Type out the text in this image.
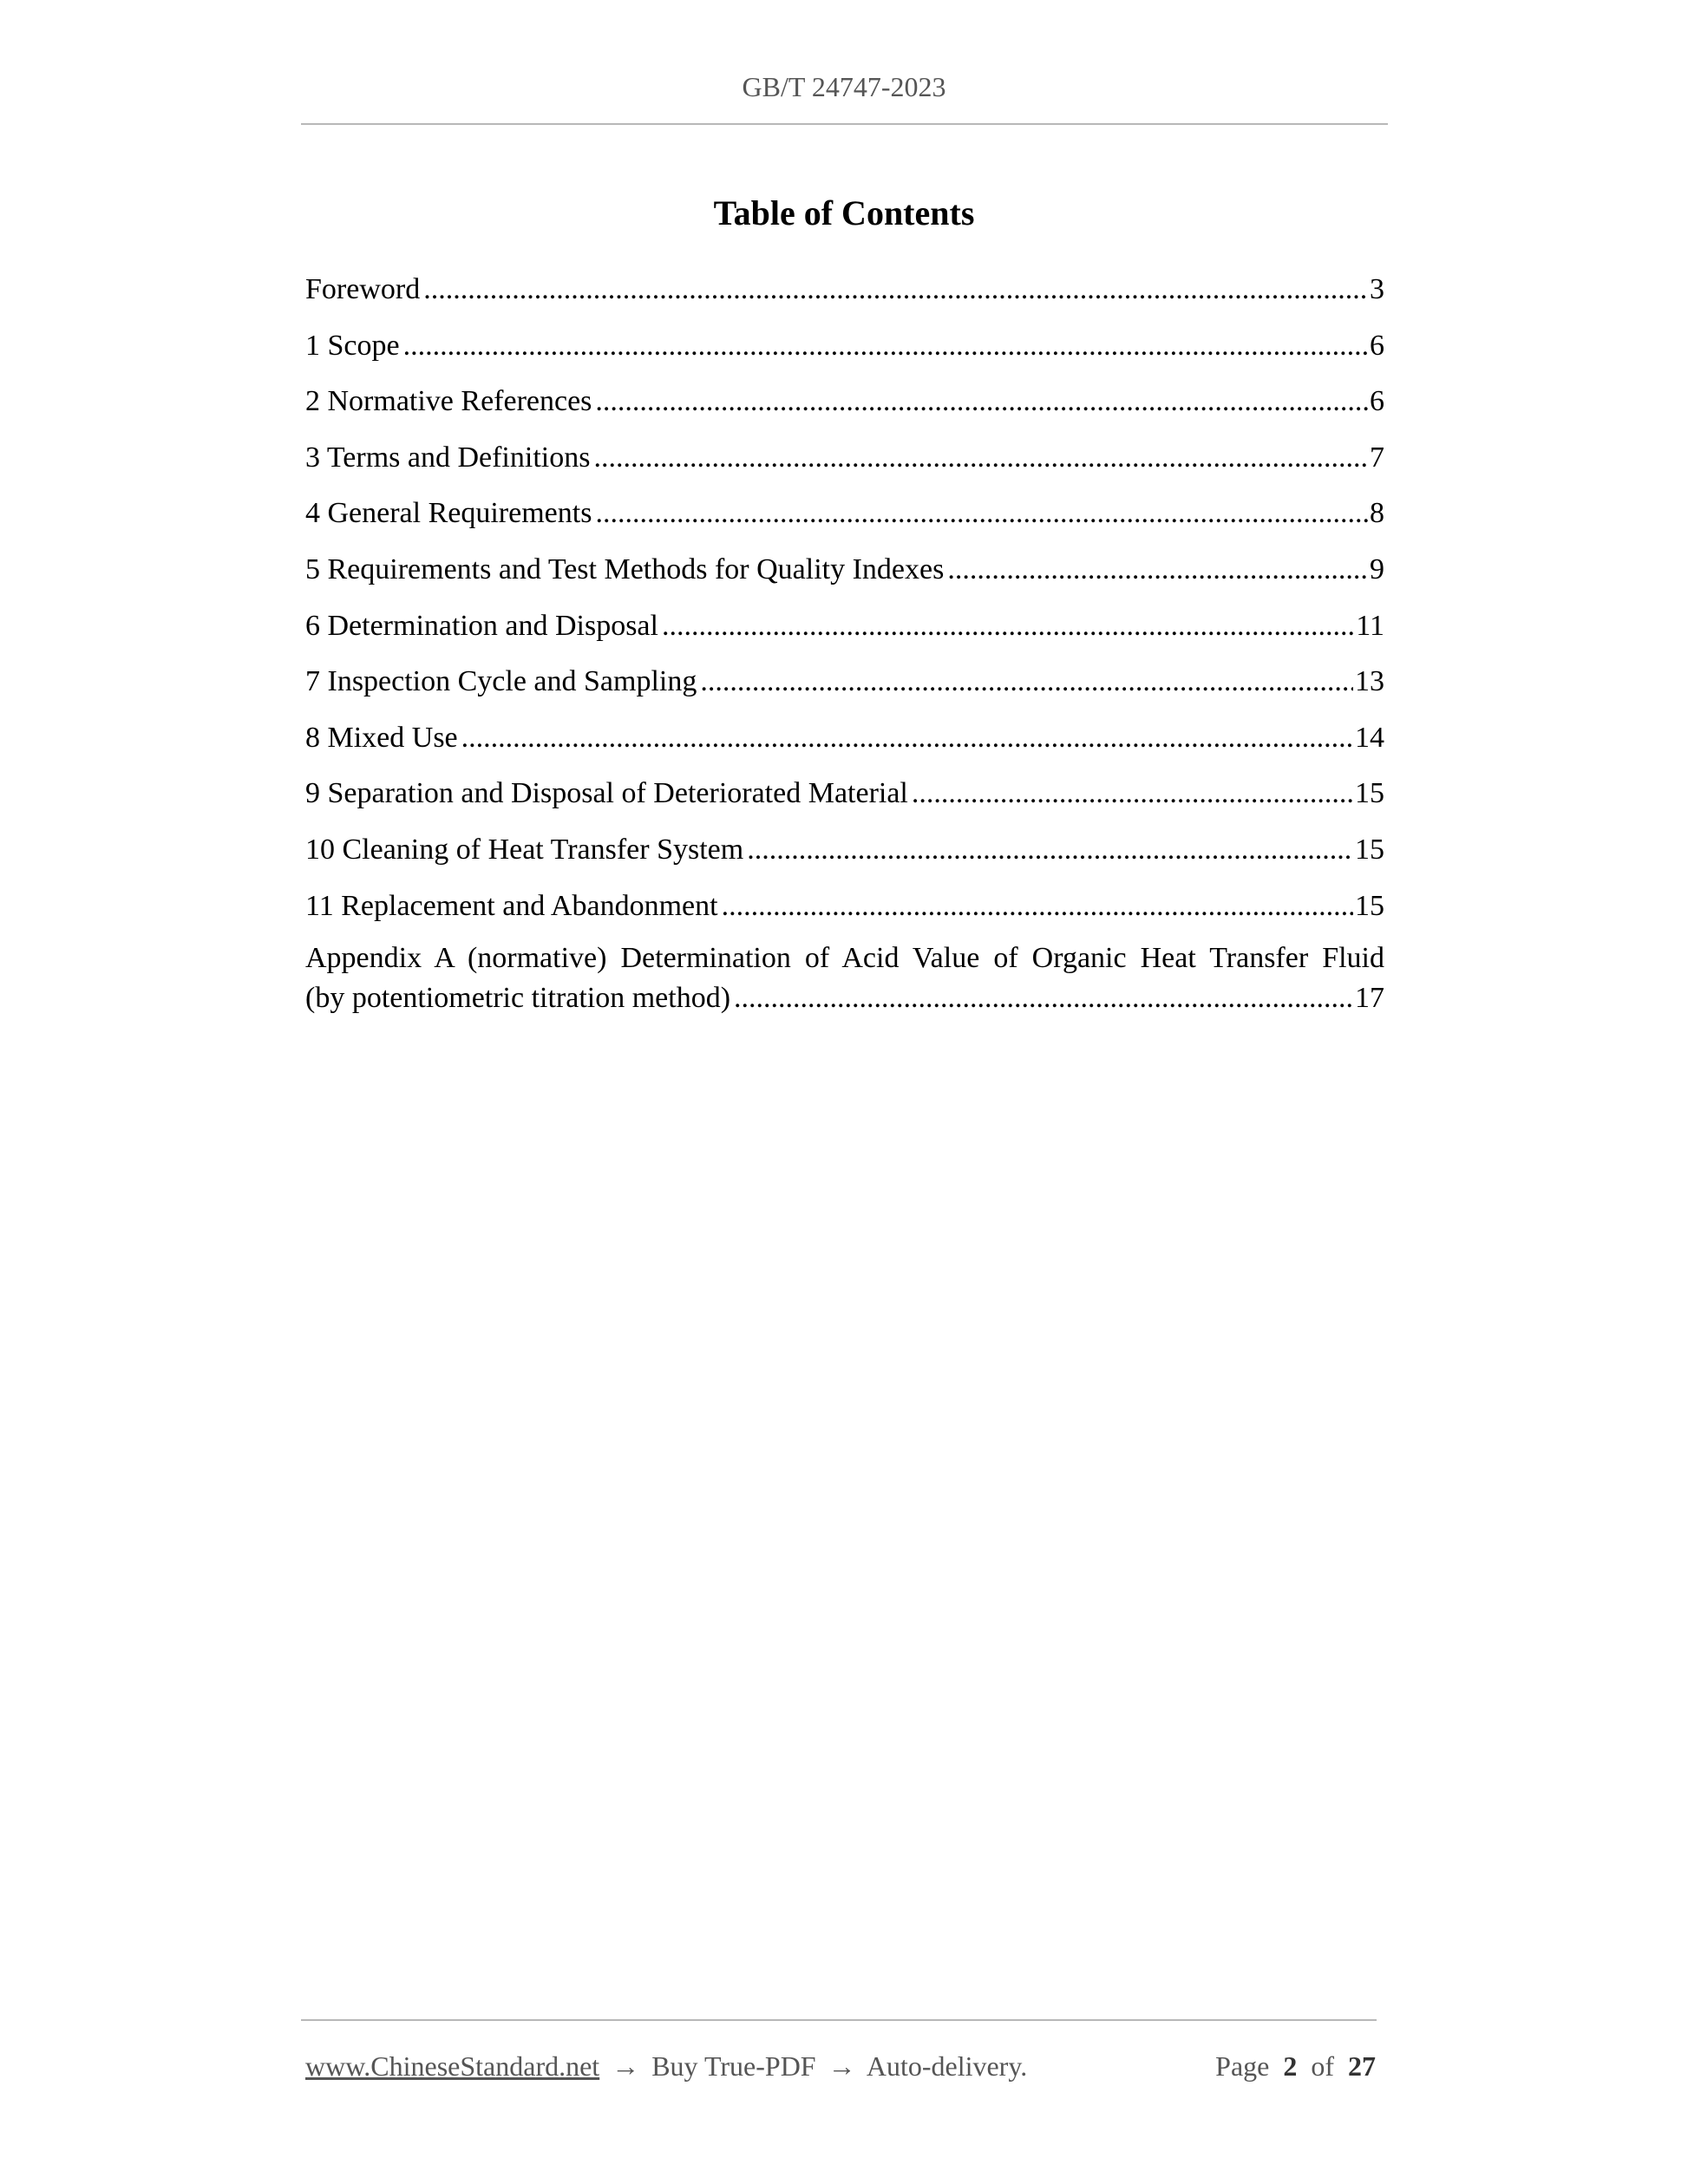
GB/T 24747-2023
Table of Contents
Foreword .....	3
1 Scope .....	6
2 Normative References .....	6
3 Terms and Definitions .....	7
4 General Requirements .....	8
5 Requirements and Test Methods for Quality Indexes .....	9
6 Determination and Disposal .....	11
7 Inspection Cycle and Sampling .....	13
8 Mixed Use .....	14
9 Separation and Disposal of Deteriorated Material .....	15
10 Cleaning of Heat Transfer System .....	15
11 Replacement and Abandonment .....	15
Appendix A (normative) Determination of Acid Value of Organic Heat Transfer Fluid
(by potentiometric titration method) .....	17
www.ChineseStandard.net → Buy True-PDF → Auto-delivery.	Page 2 of 27
